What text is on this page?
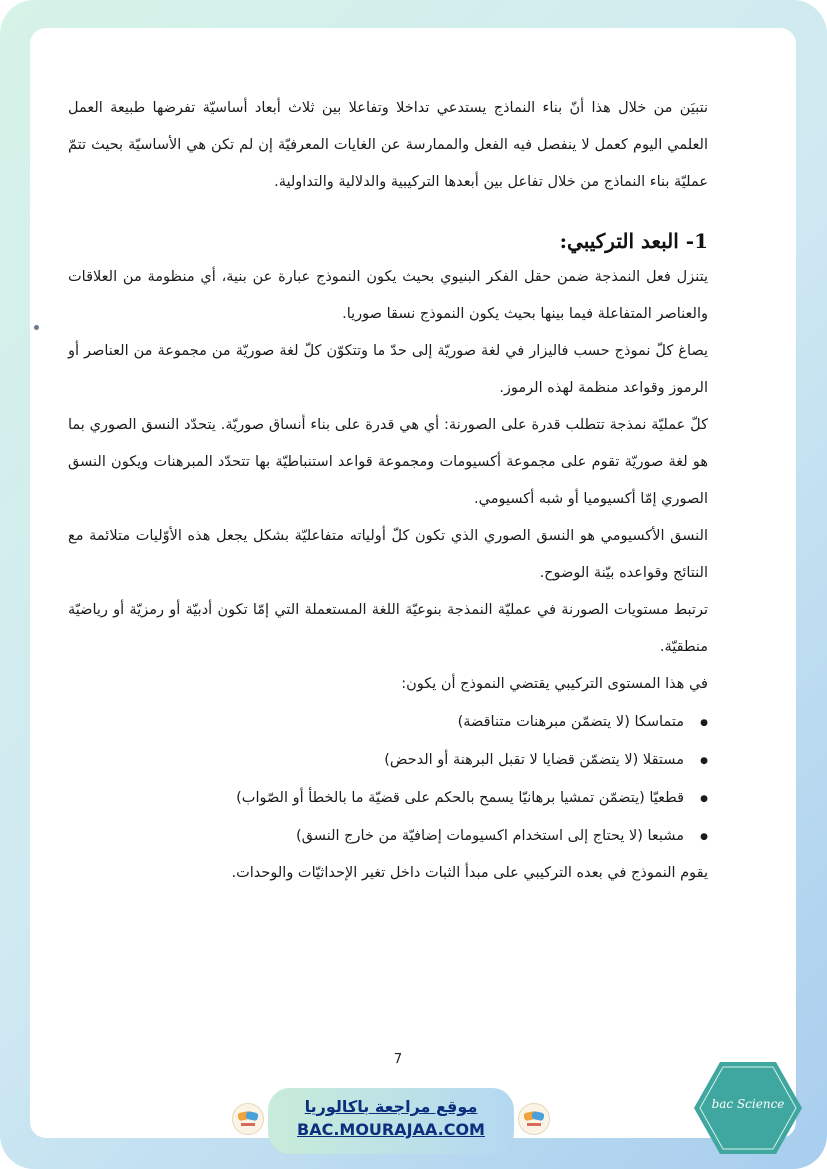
نتبيَن من خلال هذا أنّ بناء النماذج يستدعي تداخلا وتفاعلا بين ثلاث أبعاد أساسيّة تفرضها طبيعة العمل العلمي اليوم كعمل لا ينفصل فيه الفعل والممارسة عن الغايات المعرفيّة إن لم تكن هي الأساسيّة بحيث تتمّ عمليّة بناء النماذج من خلال تفاعل بين أبعدها التركيبية والدلالية والتداولية.

1- البعد التركيبي:

يتنزل فعل النمذجة ضمن حقل الفكر البنيوي بحيث يكون النموذج عبارة عن بنية، أي منظومة من العلاقات والعناصر المتفاعلة فيما بينها بحيث يكون النموذج نسقا صوريا.

يصاغ كلّ نموذج حسب فاليزار في لغة صوريّة إلى حدّ ما وتتكوّن كلّ لغة صوريّة من مجموعة من العناصر أو الرموز وقواعد منظمة لهذه الرموز.

كلّ عمليّة نمذجة تتطلب قدرة على الصورنة: أي هي قدرة على بناء أنساق صوريّة. يتحدّد النسق الصوري بما هو لغة صوريّة تقوم على مجموعة أكسيومات ومجموعة قواعد استنباطيّة بها تتحدّد المبرهنات ويكون النسق الصوري إمّا أكسيوميا أو شبه أكسيومي.

النسق الأكسيومي هو النسق الصوري الذي تكون كلّ أولياته متفاعليّة بشكل يجعل هذه الأوّليات متلائمة مع النتائج وقواعده بيّنة الوضوح.

ترتبط مستويات الصورنة في عمليّة النمذجة بنوعيّة اللغة المستعملة التي إمّا تكون أدبيّة أو رمزيّة أو رياضيّة منطقيّة.

في هذا المستوى التركيبي يقتضي النموذج أن يكون:

● متماسكا (لا يتضمّن مبرهنات متناقضة)
● مستقلا (لا يتضمّن قضايا لا تقبل البرهنة أو الدحض)
● قطعيّا (يتضمّن تمشيا برهانيّا يسمح بالحكم على قضيّة ما بالخطأ أو الصّواب)
● مشبعا (لا يحتاج إلى استخدام اكسيومات إضافيّة من خارج النسق)

يقوم النموذج في بعده التركيبي على مبدأ الثبات داخل تغير الإحداثيّات والوحدات.

7
موقع مراجعة باكالوريا
BAC.MOURAJAA.COM
bac Science
